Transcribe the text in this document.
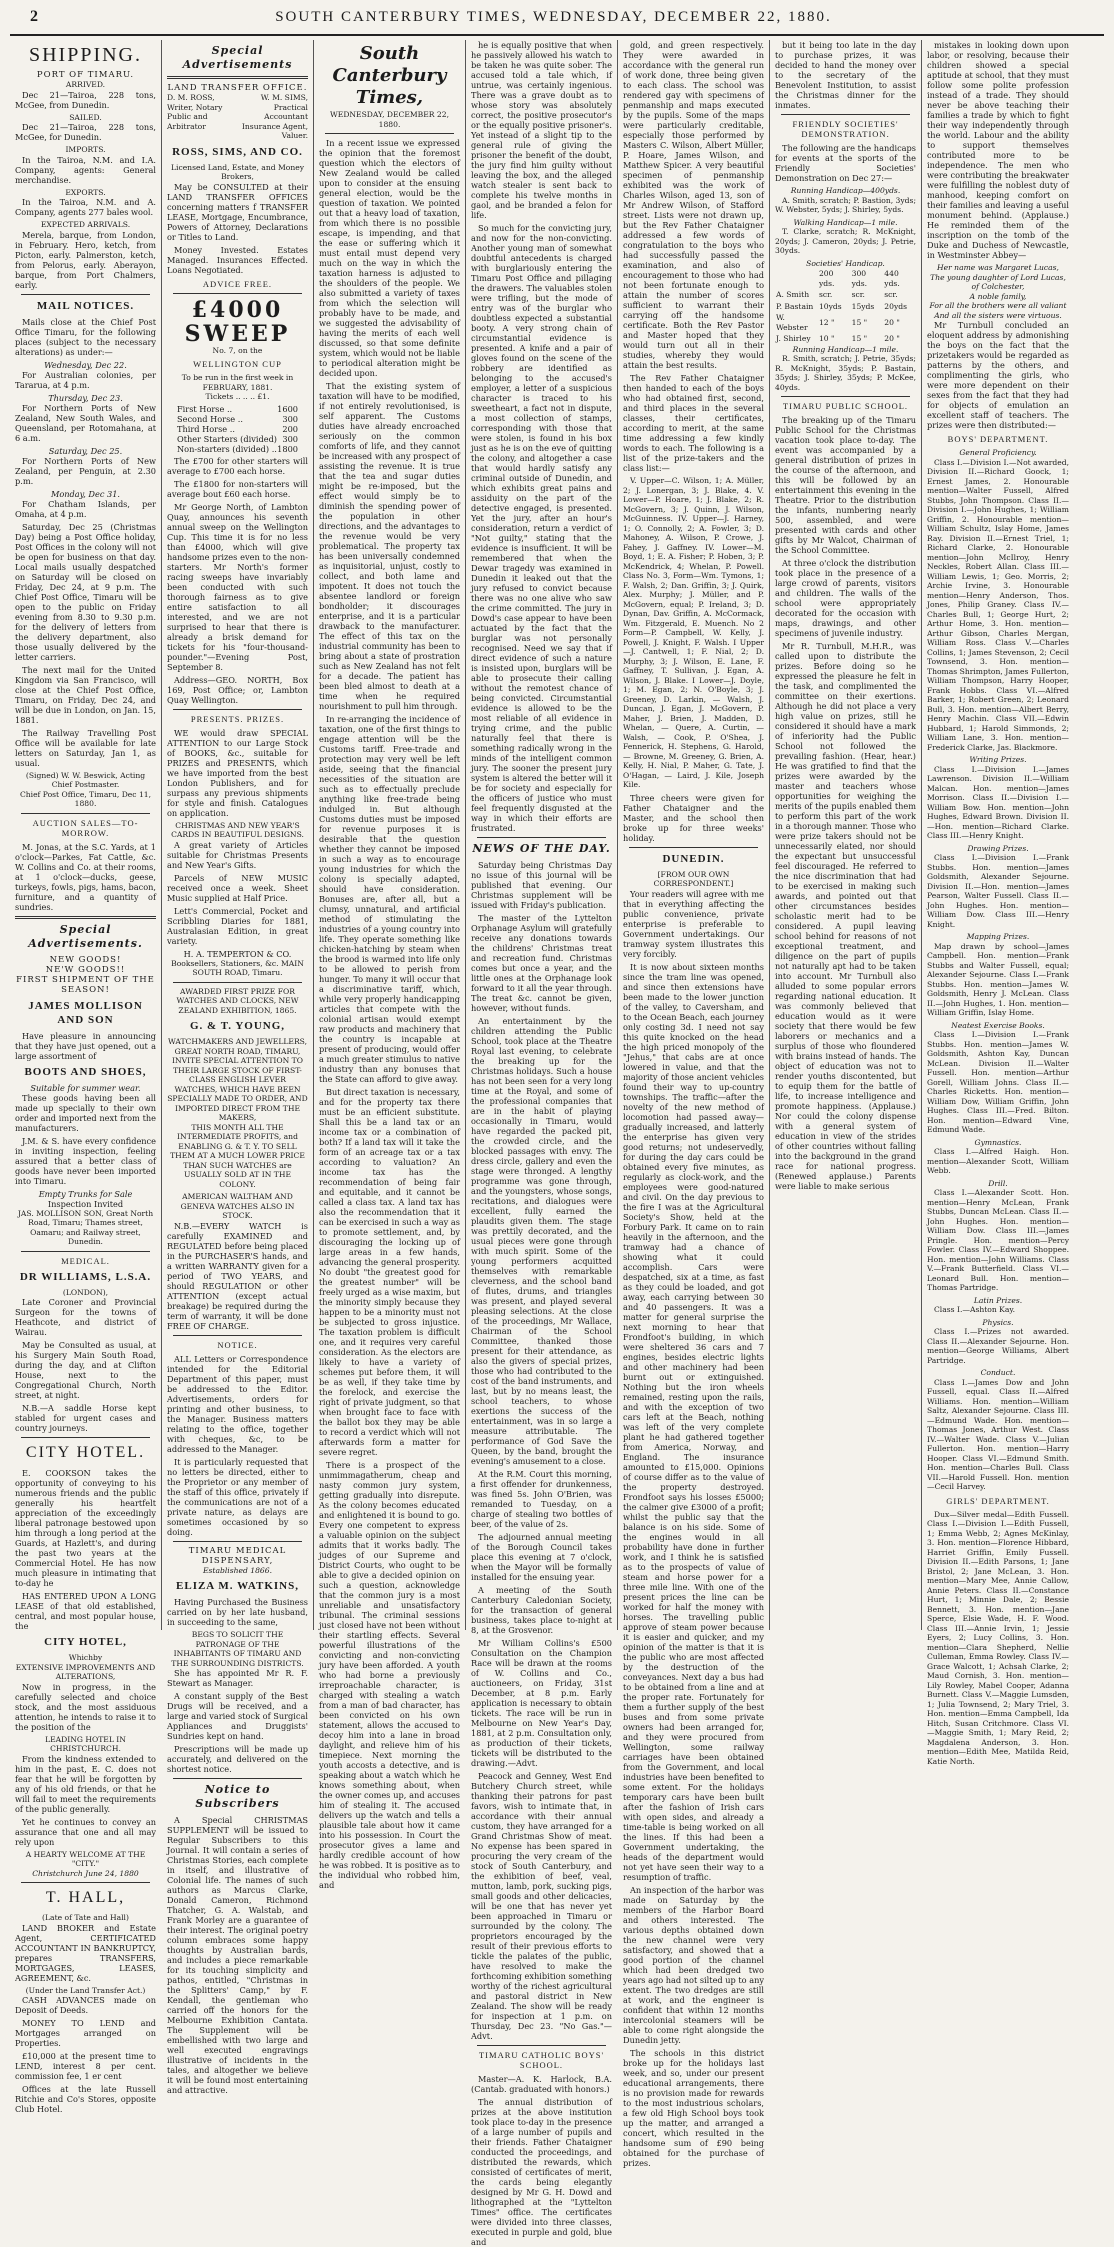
2	SOUTH CANTERBURY TIMES, WEDNESDAY, DECEMBER 22, 1880.
SHIPPING.
PORT OF TIMARU.
ARRIVED.

Dec 21—Tairoa, 228 tons, McGee, from Dunedin.

SAILED.

Dec 21—Tairoa, 228 tons, McGee, for Dunedin.

IMPORTS.

In the Tairoa, N.M. and I.A. Company, agents: General merchandise.

EXPORTS.

In the Tairoa, N.M. and A. Company, agents 277 bales wool.

EXPECTED ARRIVALS.

Merela, barque, from London, in February. Hero, ketch, from Picton, early. Palmerston, ketch, from Pelorus, early. Aberayon, barque, from Port Chalmers, early.

MAIL NOTICES.

Mails close at the Chief Post Office Timaru, for the following places (subject to the necessary alterations) as under:—

Wednesday, Dec 22.

For Australian colonies, per Tararua, at 4 p.m.

Thursday, Dec 23.

For Northern Ports of New Zealand, New South Wales, and Queensland, per Rotomahana, at 6 a.m.

Saturday, Dec 25.

For Northern Ports of New Zealand, per Penguin, at 2.30 p.m.

Monday, Dec 31.

For Chatham Islands, per Omaha, at 4 p.m.

Saturday, Dec 25 (Christmas Day) being a Post Office holiday, Post Offices in the colony will not be open for business on that day. Local mails usually despatched on Saturday will be closed on Friday, Dec 24, at 9 p.m. The Chief Post Office, Timaru will be open to the public on Friday evening from 8.30 to 9.30 p.m. for the delivery of letters from the delivery department, also those usually delivered by the letter carriers.

The next mail for the United Kingdom via San Francisco, will close at the Chief Post Office, Timaru, on Friday, Dec 24, and will be due in London, on Jan. 15, 1881.

The Railway Travelling Post Office will be available for late letters on Saturday, Jan 1, as usual.

(Signed) W. W. Beswick, Acting Chief Postmaster.
Chief Post Office, Timaru, Dec 11, 1880.
AUCTION SALES—TO-MORROW.

M. Jonas, at the S.C. Yards, at 1 o'clock—Parkes, Fat Cattle, &c. W. Collins and Co. at their rooms, at 1 o'clock—ducks, geese, turkeys, fowls, pigs, hams, bacon, furniture, and a quantity of sundries.

Special Advertisements.
NEW GOODS!
NE'W GOODS!!
FIRST SHIPMENT OF THE SEASON!
JAMES MOLLISON AND SON

Have pleasure in announcing that they have just opened, out a large assortment of

BOOTS AND SHOES,
Suitable for summer wear.

These goods having been all made up specially to their own order and imported next from the manufacturers.

J.M. & S. have every confidence in inviting inspection, feeling assured that a better class of goods have never been imported into Timaru.

Empty Trunks for Sale
Inspection Invited
JAS. MOLLISON SON, Great North Road, Timaru; Thames street, Oamaru; and Railway street, Dunedin.
MEDICAL.
DR WILLIAMS, L.S.A.
(LONDON),

Late Coroner and Provincial Surgeon for the towns of Heathcote, and district of Wairau.

May be Consulted as usual, at his Surgery Main South Road, during the day, and at Clifton House, next to the Congregational Church, North street, at night.

N.B.—A saddle Horse kept stabled for urgent cases and country journeys.

CITY HOTEL.

E. COOKSON takes the opportunity of conveying to his numerous friends and the public generally his heartfelt appreciation of the exceedingly liberal patronage bestowed upon him through a long period at the Guards, at Hazlett's, and during the past two years at the Commercial Hotel. He has now much pleasure in intimating that to-day he

HAS ENTERED UPON A LONG LEASE of that old established, central, and most popular house, the

CITY HOTEL,
Whichby
EXTENSIVE IMPROVEMENTS AND ALTERATIONS,

Now in progress, in the carefully selected and choice stock, and the most assiduous attention, he intends to raise it to the position of the

LEADING HOTEL IN CHRISTCHURCH.

From the kindness extended to him in the past, E. C. does not fear that he will be forgotten by any of his old friends, or that he will fail to meet the requirements of the public generally.

Yet he continues to convey an assurance that one and all may rely upon

A HEARTY WELCOME AT THE "CITY."
Christchurch June 24, 1880
T. HALL,
(Late of Tate and Hall)

LAND BROKER and Estate Agent, CERTIFICATED ACCOUNTANT IN BANKRUPTCY, prepares TRANSFERS, MORTGAGES, LEASES, AGREEMENT, &c.

(Under the Land Transfer Act.)

CASH ADVANCES made on Deposit of Deeds.

MONEY TO LEND and Mortgages arranged on Properties.

£10,000 at the present time to LEND, interest 8 per cent. commission fee, 1 er cent

Offices at the late Russell Ritchie and Co's Stores, opposite Club Hotel.

Special Advertisements
LAND TRANSFER OFFICE.
D. M. ROSS, Writer, Notary Public and Arbitrator
W. M. SIMS, Practical Accountant Insurance Agent, Valuer.
ROSS, SIMS, AND CO.
Licensed Land, Estate, and Money Brokers,

May be CONSULTED at their LAND TRANSFER OFFICES concerning matters f TRANSFER LEASE, Mortgage, Encumbrance, Powers of Attorney, Declarations or Titles to Land.

Money Invested. Estates Managed. Insurances Effected. Loans Negotiated.

ADVICE FREE.
£4000 SWEEP
No. 7, on the
WELLINGTON CUP
To be run in the first week in FEBRUARY, 1881.
Tickets .. .. .. £1.
First Horse ..	1600
Second Horse ..	300
Third Horse ..	200
Other Starters (divided) 300
Non-starters (divided) .. 1800

The £700 for other starters will average to £700 each horse.

The £1800 for non-starters will average bout £60 each horse.

Mr George North, of Lambton Quay, announces his seventh annual sweep on the Wellington Cup. This time it is for no less than £4000, which will give handsome prizes even to the non-starters. Mr North's former racing sweeps have invariably been conducted with such thorough fairness as to give entire satisfaction to all interested, and we are not surprised to hear that there is already a brisk demand for tickets for his "four-thousand-pounder."—Evening Post, September 8.

Address—GEO. NORTH, Box 169, Post Office; or, Lambton Quay Wellington.

PRESENTS. PRIZES.

WE would draw SPECIAL ATTENTION to our Large Stock of BOOKS, &c., suitable for PRIZES and PRESENTS, which we have imported from the best London Publishers, and for surpass any previous shipments for style and finish. Catalogues on application.

CHRISTMAS AND NEW YEAR'S CARDS IN BEAUTIFUL DESIGNS.

A great variety of Articles suitable for Christmas Presents and New Year's Gifts.

Parcels of NEW MUSIC received once a week. Sheet Music supplied at Half Price.

Lett's Commercial, Pocket and Scribbling Diaries for 1881, Australasian Edition, in great variety.

H. A. TEMPERTON & CO.
Booksellers, Stationers, &c. MAIN SOUTH ROAD, Timaru.
AWARDED FIRST PRIZE FOR WATCHES AND CLOCKS, NEW ZEALAND EXHIBITION, 1865.
G. & T. YOUNG,
WATCHMAKERS AND JEWELLERS, GREAT NORTH ROAD, TIMARU, INVITE SPECIAL ATTENTION TO THEIR LARGE STOCK OF FIRST-CLASS ENGLISH LEVER WATCHES, WHICH HAVE BEEN SPECIALLY MADE TO ORDER, AND IMPORTED DIRECT FROM THE MAKERS,
THIS MONTH ALL THE INTERMEDIATE PROFITS, and ENABLING G. & T. Y. TO SELL THEM AT A MUCH LOWER PRICE THAN SUCH WATCHES are USUALLY SOLD AT IN THE COLONY.
AMERICAN WALTHAM AND GENEVA WATCHES ALSO IN STOCK.

N.B.—EVERY WATCH is carefully EXAMINED and REGULATED before being placed in the PURCHASER'S hands, and a written WARRANTY given for a period of TWO YEARS, and should REGULATION or other ATTENTION (except actual breakage) be required during the term of warranty, it will be done FREE OF CHARGE.

NOTICE.

ALL Letters or Correspondence intended for the Editorial Department of this paper, must be addressed to the Editor. Advertisements, orders for printing and other business, to the Manager. Business matters relating to the office, together with cheques, &c, to be addressed to the Manager.

It is particularly requested that no letters be directed, either to the Proprietor or any member of the staff of this office, privately if the communications are not of a private nature, as delays are sometimes occasioned by so doing.

TIMARU MEDICAL DISPENSARY,
Established 1866.
ELIZA M. WATKINS,

Having Purchased the Business carried on by her late husband, in succeeding to the same,

BEGS TO SOLICIT THE PATRONAGE OF THE INHABITANTS OF TIMARU AND THE SURROUNDING DISTRICTS.

She has appointed Mr R. F. Stewart as Manager.

A constant supply of the Best Drugs will be received, and a large and varied stock of Surgical Appliances and Druggists' Sundries kept on hand.

Prescriptions will be made up accurately, and delivered on the shortest notice.

Notice to Subscribers

A Special CHRISTMAS SUPPLEMENT will be issued to Regular Subscribers to this Journal. It will contain a series of Christmas Stories, each complete in itself, and illustrative of Colonial life. The names of such authors as Marcus Clarke, Donald Cameron, Richmond Thatcher, G. A. Walstab, and Frank Morley are a guarantee of their interest. The original poetry column embraces some happy thoughts by Australian bards, and includes a piece remarkable for its touching simplicity and pathos, entitled, "Christmas in the Splitters' Camp," by F. Kendall, the gentleman who carried off the honors for the Melbourne Exhibition Cantata. The Supplement will be embellished with two large and well executed engravings illustrative of incidents in the tales, and altogether we believe it will be found most entertaining and attractive.

South Canterbury Times,
WEDNESDAY, DECEMBER 22, 1880.

In a recent issue we expressed the opinion that the foremost question which the electors of New Zealand would be called upon to consider at the ensuing general election, would be the question of taxation. We pointed out that a heavy load of taxation, from which there is no possible escape, is impending, and that the ease or suffering which it must entail must depend very much on the way in which the taxation harness is adjusted to the shoulders of the people. We also submitted a variety of taxes from which the selection will probably have to be made, and we suggested the advisability of having the merits of each well discussed, so that some definite system, which would not be liable to periodical alteration might be decided upon.

That the existing system of taxation will have to be modified, if not entirely revolutionised, is self apparent. The Customs duties have already encroached seriously on the common comforts of life, and they cannot be increased with any prospect of assisting the revenue. It is true that the tea and sugar duties might be re-imposed, but the effect would simply be to diminish the spending power of the population in other directions, and the advantages to the revenue would be very problematical. The property tax has been universally condemned as inquisitorial, unjust, costly to collect, and both lame and impotent. It does not touch the absentee landlord or foreign bondholder; it discourages enterprise, and it is a particular drawback to the manufacturer. The effect of this tax on the industrial community has been to bring about a state of prostration such as New Zealand has not felt for a decade. The patient has been bled almost to death at a time when he required nourishment to pull him through.

In re-arranging the incidence of taxation, one of the first things to engage attention will be the Customs tariff. Free-trade and protection may very well be left aside, seeing that the financial necessities of the situation are such as to effectually preclude anything like free-trade being indulged in. But although Customs duties must be imposed for revenue purposes it is desirable that the question whether they cannot be imposed in such a way as to encourage young industries for which the colony is specially adapted, should have consideration. Bonuses are, after all, but a clumsy, unnatural, and artificial method of stimulating the industries of a young country into life. They operate something like chicken-hatching by steam when the brood is warmed into life only to be allowed to perish from hunger. To many it will occur that a discriminative tariff, which, while very properly handicapping articles that compete with the colonial artisan would exempt raw products and machinery that the country is incapable at present of producing, would offer a much greater stimulus to native industry than any bonuses that the State can afford to give away.

But direct taxation is necessary, and for the property tax there must be an efficient substitute. Shall this be a land tax or an income tax or a combination of both? If a land tax will it take the form of an acreage tax or a tax according to valuation? An income tax has the recommendation of being fair and equitable, and it cannot be called a class tax. A land tax has also the recommendation that it can be exercised in such a way as to promote settlement, and, by discouraging the locking up of large areas in a few hands, advancing the general prosperity. No doubt "the greatest good for the greatest number" will be freely urged as a wise maxim, but the minority simply because they happen to be a minority must not be subjected to gross injustice. The taxation problem is difficult one, and it requires very careful consideration. As the electors are likely to have a variety of schemes put before them, it will be as well, if they take time by the forelock, and exercise the right of private judgment, so that when brought face to face with the ballot box they may be able to record a verdict which will not afterwards form a matter for severe regret.

There is a prospect of the unmimmagatherum, cheap and nasty common jury system, getting gradually into disrepute. As the colony becomes educated and enlightened it is bound to go. Every one competent to express a valuable opinion on the subject admits that it works badly. The judges of our Supreme and District Courts, who ought to be able to give a decided opinion on such a question, acknowledge that the common jury is a most unreliable and unsatisfactory tribunal. The criminal sessions just closed have not been without their startling effects. Several powerful illustrations of the convicting and non-convicting jury have been afforded. A youth who had borne a previously irreproachable character, is charged with stealing a watch from a man of bad character, has been convicted on his own statement, allows the accused to decoy him into a lane in broad daylight, and relieve him of his timepiece. Next morning the youth accosts a detective, and is speaking about a watch which he knows something about, when the owner comes up, and accuses him of stealing it. The accused delivers up the watch and tells a plausible tale about how it came into his possession. In Court the prosecutor gives a lame and hardly credible account of how he was robbed. It is positive as to the individual who robbed him, and

he is equally positive that when he passively allowed his watch to be taken he was quite sober. The accused told a tale which, if untrue, was certainly ingenious. There was a grave doubt as to whose story was absolutely correct, the positive prosecutor's or the equally positive prisoner's. Yet instead of a slight tip to the general rule of giving the prisoner the benefit of the doubt, the jury find him guilty without leaving the box, and the alleged watch stealer is sent back to complete his twelve months in gaol, and be branded a felon for life.

So much for the convicting jury, and now for the non-convicting. Another young man of somewhat doubtful antecedents is charged with burglariously entering the Timaru Post Office and pillaging the drawers. The valuables stolen were trifling, but the mode of entry was of the burglar who doubtless expected a substantial booty. A very strong chain of circumstantial evidence is presented. A knife and a pair of gloves found on the scene of the robbery are identified as belonging to the accused's employer, a letter of a suspicious character is traced to his sweetheart, a fact not in dispute, a most collection of stamps, corresponding with those that were stolen, is found in his box just as he is on the eve of quitting the colony, and altogether a case that would hardly satisfy any criminal outside of Dunedin, and which exhibits great pains and assiduity on the part of the detective engaged, is presented. Yet the jury, after an hour's consideration, return a verdict of "Not guilty," stating that the evidence is insufficient. It will be remembered that when the Dewar tragedy was examined in Dunedin it leaked out that the jury refused to convict because there was no one alive who saw the crime committed. The jury in Dowd's case appear to have been actuated by the fact that the burglar was not personally recognised. Need we say that if direct evidence of such a nature is insisted upon, burglars will be able to prosecute their calling without the remotest chance of being convicted. Circumstantial evidence is allowed to be the most reliable of all evidence in trying crime, and the public naturally feel that there is something radically wrong in the minds of the intelligent common jury. The sooner the present jury system is altered the better will it be for society and especially for the officers of justice who must feel frequently disgusted at the way in which their efforts are frustrated.

NEWS OF THE DAY.

Saturday being Christmas Day no issue of this journal will be published that evening. Our Christmas supplement will be issued with Friday's publication.

The master of the Lyttelton Orphanage Asylum will gratefully receive any donations towards the childrens' Christmas treat and recreation fund. Christmas comes but once a year, and the little ones at the Orphanage look forward to it all the year through. The treat &c. cannot be given, however, without funds.

An entertainment by the children attending the Public School, took place at the Theatre Royal last evening, to celebrate the breaking up for the Christmas holidays. Such a house has not been seen for a very long time at the Royal, and some of the professional companies that are in the habit of playing occasionally in Timaru, would have regarded the packed pit, the crowded circle, and the blocked passages with envy. The dress circle, gallery and even the stage were thronged. A lengthy programme was gone through, and the youngsters, whose songs, recitations, and dialogues were excellent, fully earned the plaudits given them. The stage was prettily decorated, and the usual pieces were gone through with much spirit. Some of the young performers acquitted themselves with remarkable cleverness, and the school band of flutes, drums, and triangles was present, and played several pleasing selections. At the close of the proceedings, Mr Wallace, Chairman of the School Committee, thanked those present for their attendance, as also the givers of special prizes, those who had contributed to the cost of the band instruments, and last, but by no means least, the school teachers, to whose exertions the success of the entertainment, was in so large a measure attributable. The performance of God Save the Queen, by the band, brought the evening's amusement to a close.

At the R.M. Court this morning, a first offender for drunkenness, was fined 5s. John O'Brien, was remanded to Tuesday, on a charge of stealing two bottles of beer, of the value of 2s.

The adjourned annual meeting of the Borough Council takes place this evening at 7 o'clock, when the Mayor will be formally installed for the ensuing year.

A meeting of the South Canterbury Caledonian Society, for the transaction of general business, takes place to-night at 8, at the Grosvenor.

Mr William Collins's £500 Consultation on the Champion Race will be drawn at the rooms of W. Collins and Co., auctioneers, on Friday, 31st December, at 8 p.m. Early application is necessary to obtain tickets. The race will be run in Melbourne on New Year's Day, 1881, at 2 p.m. Consultation only, as production of their tickets, tickets will be distributed to the drawing.—Advt.

Peacock and Genney, West End Butchery Church street, while thanking their patrons for past favors, wish to intimate that, in accordance with their annual custom, they have arranged for a Grand Christmas Show of meat. No expense has been spared in procuring the very cream of the stock of South Canterbury, and the exhibition of beef, veal, mutton, lamb, pork, sucking pigs, small goods and other delicacies, will be one that has never yet been approached in Timaru or surrounded by the colony. The proprietors encouraged by the result of their previous efforts to tickle the palates of the public, have resolved to make the forthcoming exhibition something worthy of the richest agricultural and pastoral district in New Zealand. The show will be ready for inspection at 1 p.m. on Thursday, Dec 23. "No Gas."—Advt.

TIMARU CATHOLIC BOYS' SCHOOL.

Master—A. K. Harlock, B.A. (Cantab. graduated with honors.)

The annual distribution of prizes at the above institution took place to-day in the presence of a large number of pupils and their friends. Father Chataigner conducted the proceedings, and distributed the rewards, which consisted of certificates of merit, the cards being elegantly designed by Mr G. H. Dowd and lithographed at the "Lyttelton Times" office. The certificates were divided into three classes, executed in purple and gold, blue and

gold, and green respectively. They were awarded in accordance with the general run of work done, three being given to each class. The school was rendered gay with specimens of penmanship and maps executed by the pupils. Some of the maps were particularly creditable, especially those performed by Masters C. Wilson, Albert Müller, P. Hoare, James Wilson, and Matthew Spicer. A very beautiful specimen of penmanship exhibited was the work of Charles Wilson, aged 13, son of Mr Andrew Wilson, of Stafford street. Lists were not drawn up, but the Rev Father Chataigner addressed a few words of congratulation to the boys who had successfully passed the examination, and also of encouragement to those who had not been fortunate enough to attain the number of scores sufficient to warrant their carrying off the handsome certificate. Both the Rev Pastor and Master hoped that they would turn out all in their studies, whereby they would attain the best results.

The Rev Father Chataigner then handed to each of the boys who had obtained first, second, and third places in the several classes, their certificates, according to merit, at the same time addressing a few kindly words to each. The following is a list of the prize-takers and the class list:—

V. Upper—C. Wilson, 1; A. Müller, 2; J. Lonergan, 3; J. Blake, 4. V. Lower—P. Hoare, 1; J. Blake, 2; R. McGovern, 3; J. Quinn, J. Wilson, McGuinness. IV. Upper—J. Harney, 1; O. Connolly, 2; A. Fowler, 3; D. Mahoney, A. Wilson, P. Crowe, J. Fahey, J. Gaffney. IV. Lower—M. Boyd, 1; E. A. Fisher; P. Hoben, 3; P. McKendrick, 4; Whelan, P. Powell. Class No. 3, Form—Wm. Tymons, 1; F. Walsh, 2; Dan. Griffin, 3; J. Quirk, Alex. Murphy; J. Müller, and P. McGovern, equal; P. Ireland, 3; D. Dynan, Dav. Griffin, A. McCormack, Wm. Fitzgerald, E. Muench. No 2 Form—P. Campbell, W. Kelly, J. Powell, J. Knight, F. Walsh. I Upper—J. Cantwell, 1; F. Nial, 2; D. Murphy, 3; J. Wilson, E. Lane, F. Gaffney, T. Sullivan, J. Egan, A. Wilson, J. Blake. I Lower—J. Doyle, 1; M. Egan, 2; N. O'Boyle, 3; J. Greeney, D. Larkin, — Walsh, J. Duncan, J. Egan, J. McGovern, P. Maher, J. Brien, J. Madden, D. Whelan, — Quere, A. Curtin, — Walsh, — Cook, P. O'Shea, J. Fennerick, H. Stephens, G. Harold, — Browne, M. Greeney, G. Brien, A. Kelly, H. Nial, P. Maher, G. Tate, J. O'Hagan, — Laird, J. Kile, Joseph Kile.

Three cheers were given for Father Chataigner and the Master, and the school then broke up for three weeks' holiday.

DUNEDIN.
[FROM OUR OWN CORRESPONDENT.]

Your readers will agree with me that in everything affecting the public convenience, private enterprise is preferable to Government undertakings. Our tramway system illustrates this very forcibly.

It is now about sixteen months since the tram line was opened, and since then extensions have been made to the lower junction of the valley, to Caversham, and to the Ocean Beach, each journey only costing 3d. I need not say this quite knocked on the head the high priced monopoly of the "Jehus," that cabs are at once lowered in value, and that the majority of those ancient vehicles found their way to up-country townships. The traffic—after the novelty of the new method of locomotion had passed away—gradually increased, and latterly the enterprise has given very good returns; not undeservedly, for during the day cars could be obtained every five minutes, as regularly as clock-work, and the employees were good-natured and civil. On the day previous to the fire I was at the Agricultural Society's Show, held at the Forbury Park. It came on to rain heavily in the afternoon, and the tramway had a chance of showing what it could accomplish. Cars were despatched, six at a time, as fast as they could be loaded, and got away, each carrying between 30 and 40 passengers. It was a matter for general surprise the next morning to hear that Frondfoot's building, in which were sheltered 36 cars and 7 engines, besides electric lights and other machinery had been burnt out or extinguished. Nothing but the iron wheels remained, resting upon the rails, and with the exception of two cars left at the Beach, nothing was left of the very complete plant he had gathered together from America, Norway, and England. The insurance amounted to £15,000. Opinions of course differ as to the value of the property destroyed. Frondfoot says his losses £5000; the calmer give £3000 of a profit; whilst the public say that the balance is on his side. Some of the engines would in all probability have done in further work, and I think he is satisfied as to the prospects of value of steam and horse power for a three mile line. With one of the present prices the line can be worked for half the money with horses. The travelling public approve of steam power because it is easier and quicker, and my opinion of the matter is that it is the public who are most affected by the destruction of the conveyances. Next day a bus had to be obtained from a line and at the proper rate. Fortunately for them a further supply of the best buses and from some private owners had been arranged for, and they were procured from Wellington, some railway carriages have been obtained from the Government, and local industries have been benefited to some extent. For the holidays temporary cars have been built after the fashion of Irish cars with open sides, and already a time-table is being worked on all the lines. If this had been a Government undertaking, the heads of the department would not yet have seen their way to a resumption of traffic.

An inspection of the harbor was made on Saturday by the members of the Harbor Board and others interested. The various depths obtained down the new channel were very satisfactory, and showed that a good portion of the channel which had been dredged two years ago had not silted up to any extent. The two dredges are still at work, and the engineer is confident that within 12 months intercolonial steamers will be able to come right alongside the Dunedin jetty.

The schools in this district broke up for the holidays last week, and so, under our present educational arrangements, there is no provision made for rewards to the most industrious scholars, a few old High School boys took up the matter, and arranged a concert, which resulted in the handsome sum of £90 being obtained for the purchase of prizes.

but it being too late in the day to purchase prizes, it was decided to hand the money over to the secretary of the Benevolent Institution, to assist the Christmas dinner for the inmates.

FRIENDLY SOCIETIES' DEMONSTRATION.

The following are the handicaps for events at the sports of the Friendly Societies' Demonstration on Dec 27:—

Running Handicap—400yds.

A. Smith, scratch; P. Bastion, 3yds; W. Webster, 5yds; J. Shirley, 5yds.

Walking Handicap—1 mile.

T. Clarke, scratch; R. McKnight, 20yds; J. Cameron, 20yds; J. Petrie, 30yds.

Societies' Handicap.
	200 yds.	300 yds.	440 yds.
A. Smith	scr.	scr.	scr.
P. Bastain	10yds	15yds	20yds
W. Webster	12 "	15 "	20 "
J. Shirley	10 "	15 "	20 "
Running Handicap—1 mile.

R. Smith, scratch; J. Petrie, 35yds; R. McKnight, 35yds; P. Bastain, 35yds; J. Shirley, 35yds; P. McKee, 40yds.

TIMARU PUBLIC SCHOOL.

The breaking up of the Timaru Public School for the Christmas vacation took place to-day. The event was accompanied by a general distribution of prizes in the course of the afternoon, and this will be followed by an entertainment this evening in the Theatre. Prior to the distribution the infants, numbering nearly 500, assembled, and were presented with cards and other gifts by Mr Walcot, Chairman of the School Committee.

At three o'clock the distribution took place in the presence of a large crowd of parents, visitors and children. The walls of the school were appropriately decorated for the occasion with maps, drawings, and other specimens of juvenile industry.

Mr R. Turnbull, M.H.R., was called upon to distribute the prizes. Before doing so he expressed the pleasure he felt in the task, and complimented the committee on their exertions. Although he did not place a very high value on prizes, still he considered it should have a mark of inferiority had the Public School not followed the prevailing fashion. (Hear, hear.) He was gratified to find that the prizes were awarded by the master and teachers whose opportunities for weighing the merits of the pupils enabled them to perform this part of the work in a thorough manner. Those who were prize takers should not be unnecessarily elated, nor should the expectant but unsuccessful feel discouraged. He referred to the nice discrimination that had to be exercised in making such awards, and pointed out that other circumstances besides scholastic merit had to be considered. A pupil leaving school behind for reasons of not exceptional treatment, and diligence on the part of pupils not naturally apt had to be taken into account. Mr Turnbull also alluded to some popular errors regarding national education. It was commonly believed that education would as it were society that there would be few laborers or mechanics and a surplus of those who floundered with brains instead of hands. The object of education was not to render youths discontented, but to equip them for the battle of life, to increase intelligence and promote happiness. (Applause.) Nor could the colony dispense with a general system of education in view of the strides of other countries without falling into the background in the grand race for national progress. (Renewed applause.) Parents were liable to make serious

mistakes in looking down upon labor, or resolving, because their children showed a special aptitude at school, that they must follow some polite profession instead of a trade. They should never be above teaching their families a trade by which to fight their way independently through the world. Labour and the ability to support themselves contributed more to be independence. The men who were contributing the breakwater were fulfilling the noblest duty of manhood, keeping comfort on their families and leaving a useful monument behind. (Applause.) He reminded them of the inscription on the tomb of the Duke and Duchess of Newcastle, in Westminster Abbey—

Her name was Margaret Lucas,
The young daughter of Lord Lucas, of Colchester,
A noble family,
For all the brothers were all valiant
And all the sisters were virtuous.

Mr Turnbull concluded an eloquent address by admonishing the boys on the fact that the prizetakers would be regarded as patterns by the others, and complimenting the girls, who were more dependent on their sexes from the fact that they had for objects of emulation an excellent staff of teachers. The prizes were then distributed:—

BOYS' DEPARTMENT.
General Proficiency.

Class I.—Division I.—Not awarded, Division II.—Richard Goock, 1; Ernest James, 2. Honourable mention—Walter Fussell, Alfred Stubbs, John Thompson. Class II.—Division I.—John Hughes, 1; William Griffin, 2. Honourable mention—William Schultz, Islay Home, James Ray. Division II.—Ernest Triel, 1; Richard Clarke, 2. Honourable mention—John McIlroy, Henry Neckles, Robert Allan. Class III.—William Lewis, 1; Geo. Morris, 2; Archie Irvine, 3. Honourable mention—Henry Anderson, Thos. Jones, Philip Graney. Class IV.—Charles Bull, 1; George Hurt, 2; Arthur Home, 3. Hon. mention—Arthur Gibson, Charles Mergan, William Ross. Class V.—Charles Collins, 1; James Stevenson, 2; Cecil Townsend, 3. Hon. mention—Thomas Shrimpton, James Fullerton, William Thompson, Harry Hooper, Frank Hobbs. Class VI.—Alfred Barker, 1; Robert Green, 2; Leonard Bull, 3. Hon. mention—Albert Berry, Henry Machin. Class VII.—Edwin Hubbard, 1; Harold Simmonds, 2; William Lane, 3. Hon. mention—Frederick Clarke, Jas. Blackmore.

Writing Prizes.

Class I.—Division I.—James Lawrenson. Division II.—William Malcan. Hon. mention—James Morrison. Class II.—Division I.—William Bow. Hon. mention—John Hughes, Edward Brown. Division II.—Hon. mention—Richard Clarke. Class III.—Henry Knight.

Drawing Prizes.

Class I.—Division I.—Frank Stubbs. Hon. mention—James Goldsmith, Alexander Sejourne. Division II.—Hon. mention—James Pearson, Walter Fussell. Class II.—John Hughes. Hon. mention—William Dow. Class III.—Henry Knight.

Mapping Prizes.

Map drawn by school—James Campbell. Hon. mention—Frank Stubbs and Walter Fussell, equal; Alexander Sejourne. Class I.—Frank Stubbs. Hon. mention—James W. Goldsmith, Henry J. McLean. Class II.—John Hughes, 1. Hon. mention—William Griffin, Islay Home.

Neatest Exercise Books.

Class I.—Division I.—Frank Stubbs. Hon. mention—James W. Goldsmith, Ashton Kay, Duncan McLean. Division II.—Walter Fussell. Hon. mention—Arthur Gorell, William Johns. Class II.—Charles Ricketts. Hon. mention—William Dow, William Griffin, John Hughes. Class III.—Fred. Bilton. Hon. mention—Edward Vine, Edmund Wade.

Gymnastics.

Class I.—Alfred Haigh. Hon. mention—Alexander Scott, William Webb.

Drill.

Class I.—Alexander Scott. Hon. mention—Henry McLean, Frank Stubbs, Duncan McLean. Class II.—John Hughes. Hon. mention—William Dow. Class III.—James Pringle. Hon. mention—Percy Fowler. Class IV.—Edward Shoppee. Hon. mention—John Williams. Class V.—Frank Butterfield. Class VI.—Leonard Bull. Hon. mention—Thomas Partridge.

Latin Prizes.

Class I.—Ashton Kay.

Physics.

Class I.—Prizes not awarded. Class II.—Alexander Sejourne. Hon. mention—George Williams, Albert Partridge.

Conduct.

Class I.—James Dow and John Fussell, equal. Class II.—Alfred Williams. Hon. mention—William Saltz, Alexander Sejourne. Class III.—Edmund Wade. Hon. mention—Thomas Jones, Arthur West. Class IV.—Walter Wade. Class V.—Julian Fullerton. Hon. mention—Harry Hooper. Class VI.—Edmund Smith. Hon. mention—Charles Bull. Class VII.—Harold Fussell. Hon. mention—Cecil Harvey.

GIRLS' DEPARTMENT.

Dux—Silver medal—Edith Fussell. Class I.—Division I.—Edith Fussell, 1; Emma Webb, 2; Agnes McKinlay, 3. Hon. mention—Florence Hibbard, Harriet Griffin, Emily Fussell. Division II.—Edith Parsons, 1; Jane Bristol, 2; Jane McLean, 3. Hon. mention—Mary Mee, Annie Callow, Annie Peters. Class II.—Constance Hurt, 1; Minnie Dale, 2; Bessie Bennett, 3. Hon. mention—Jane Sperce, Elsie Wade, H. F. Wood. Class III.—Annie Irvin, 1; Jessie Eyers, 2; Lucy Collins, 3. Hon. mention—Clara Shepherd, Nellie Culleman, Emma Rowley. Class IV.—Grace Walcott, 1; Achsah Clarke, 2; Maud Cornish, 3. Hon. mention—Lily Rowley, Mabel Cooper, Adanna Burnett. Class V.—Maggie Lumsden, 1; Julia Townsend, 2; Mary Triel, 3. Hon. mention—Emma Campbell, Ida Hitch, Susan Critchmore. Class VI.—Maggie Smith, 1; Mary Reid, 2; Magdalena Anderson, 3. Hon. mention—Edith Mee, Matilda Reid, Katie North.
